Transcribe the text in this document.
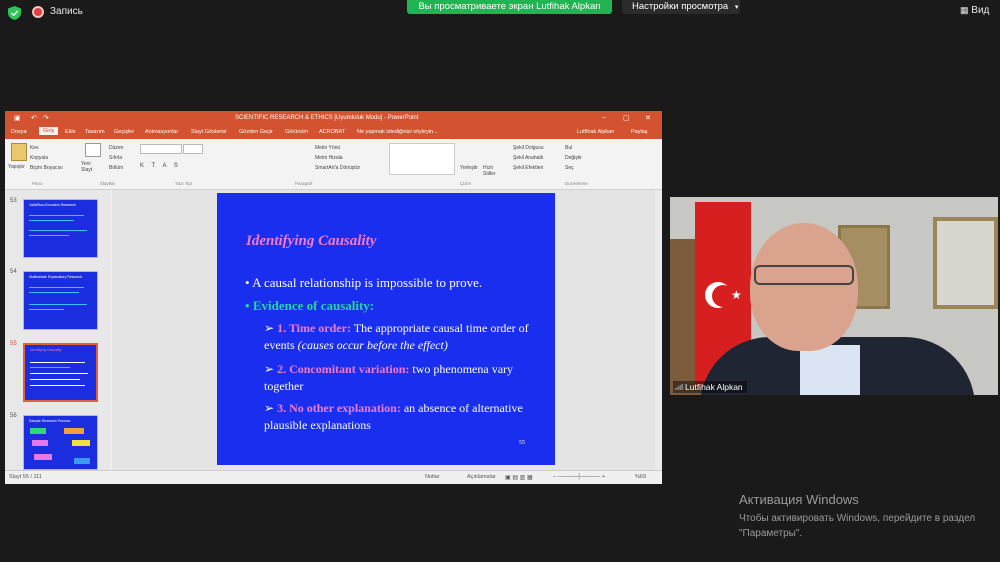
Запись	Вы просматриваете экран Lutfihak Alpkan	Настройки просмотра ▾	▦ Вид
▣ ↶ ↷	SCIENTIFIC RESEARCH & ETHICS [Uyumluluk Modu] - PowerPoint	– ▢ ✕
Dosya	Giriş	Ekle Tasarım Geçişler Animasyonlar Slayt Gösterisi Gözden Geçir Görünüm ACROBAT Ne yapmak istediğinizi söyleyin...	Lutfihak Alpkan	Paylaş
Yapıştır
Kes
Kopyala
Biçim Boyacısı
Yeni Slayt
Düzen
Sıfırla
Bölüm	K T A S
Metin Yönü
Metni Hizala
SmartArt'a Dönüştür	Yerleştir Hızlı Stiller
Şekil Dolgusu
Şekil Anahattı
Şekil Efektleri
Bul
Değiştir
Seç
Pano	Slaytlar	Yazı Tipi	Paragraf	Çizim	Düzenleme
53
Valid/Non-Exclusive Research
54
Multivariate Explanatory Research
55
Identifying Causality
56
Sample Research Process
Identifying Causality
• A causal relationship is impossible to prove.
• Evidence of causality:
➢ 1. Time order: The appropriate causal time order of events (causes occur before the effect)
➢ 2. Concomitant variation: two phenomena vary together
➢ 3. No other explanation: an absence of alternative plausible explanations
55
Slayt 55 / 111	Notlar	Açıklamalar ▣ ▤ ▥ ▦	– ─────┼───── +	%69
★
Lutfihak Alpkan
Активация Windows
Чтобы активировать Windows, перейдите в раздел "Параметры".
